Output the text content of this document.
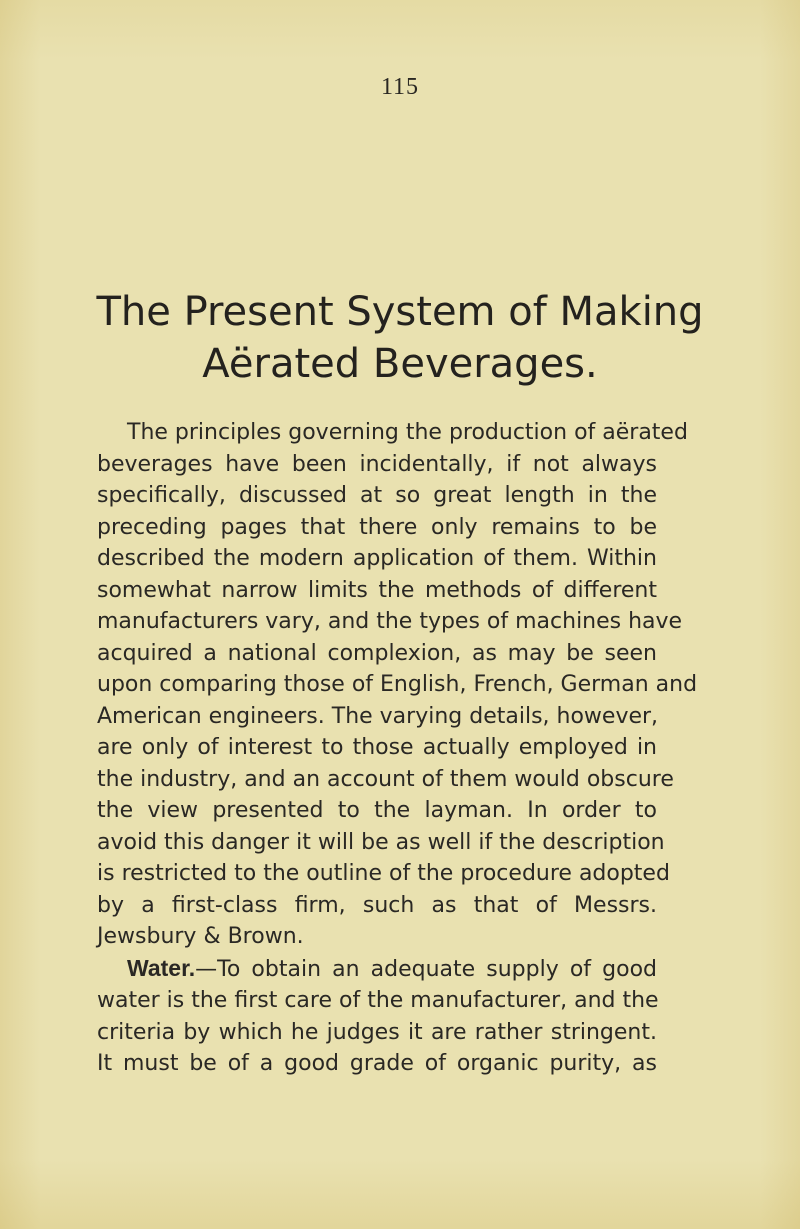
115
The Present System of Making
Aërated Beverages.

The principles governing the production of aërated
beverages have been incidentally, if not always
specifically, discussed at so great length in the
preceding pages that there only remains to be
described the modern application of them. Within
somewhat narrow limits the methods of different
manufacturers vary, and the types of machines have
acquired a national complexion, as may be seen
upon comparing those of English, French, German and
American engineers. The varying details, however,
are only of interest to those actually employed in
the industry, and an account of them would obscure
the view presented to the layman. In order to
avoid this danger it will be as well if the description
is restricted to the outline of the procedure adopted
by a first-class firm, such as that of Messrs.
Jewsbury & Brown.

Water.—To obtain an adequate supply of good
water is the first care of the manufacturer, and the
criteria by which he judges it are rather stringent.
It must be of a good grade of organic purity, as
